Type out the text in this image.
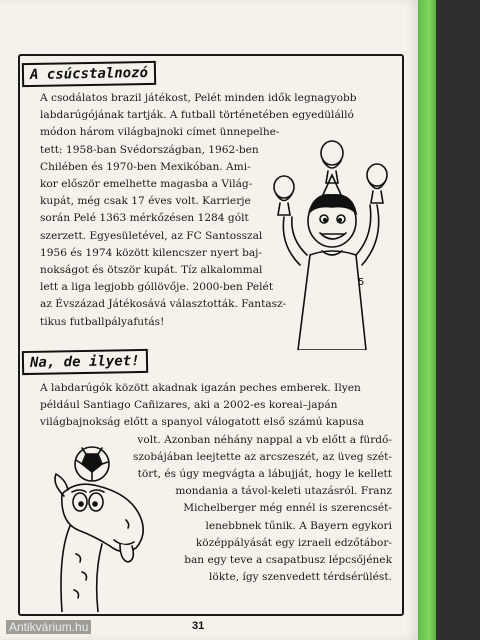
A csúcstalnozó
A csodálatos brazil játékost, Pelét minden idők legnagyobb
labdarúgójának tartják. A futball történetében egyedülálló
módon három világbajnoki címet ünnepelhe-
tett: 1958-ban Svédországban, 1962-ben
Chilében és 1970-ben Mexikóban. Ami-
kor először emelhette magasba a Világ-
kupát, még csak 17 éves volt. Karrierje
során Pelé 1363 mérkőzésen 1284 gólt
szerzett. Egyesületével, az FC Santosszal
1956 és 1974 között kilencszer nyert baj-
nokságot és ötször kupát. Tíz alkalommal
lett a liga legjobb góllövője. 2000-ben Pelét
az Évszázad Játékosává választották. Fantasz-
tikus futballpályafutás!
5
Na, de ilyet!
A labdarúgók között akadnak igazán peches emberek. Ilyen
például Santiago Cañizares, aki a 2002-es koreai–japán
világbajnokság előtt a spanyol válogatott első számú kapusa
volt. Azonban néhány nappal a vb előtt a fürdő-
szobájában leejtette az arcszeszét, az üveg szét-
tört, és úgy megvágta a lábujját, hogy le kellett
mondania a távol-keleti utazásról. Franz
Michelberger még ennél is szerencsét-
lenebbnek tűnik. A Bayern egykori
középpályását egy izraeli edzőtábor-
ban egy teve a csapatbusz lépcsőjének
lökte, így szenvedett térdsérülést.
31
Antikvárium.hu
